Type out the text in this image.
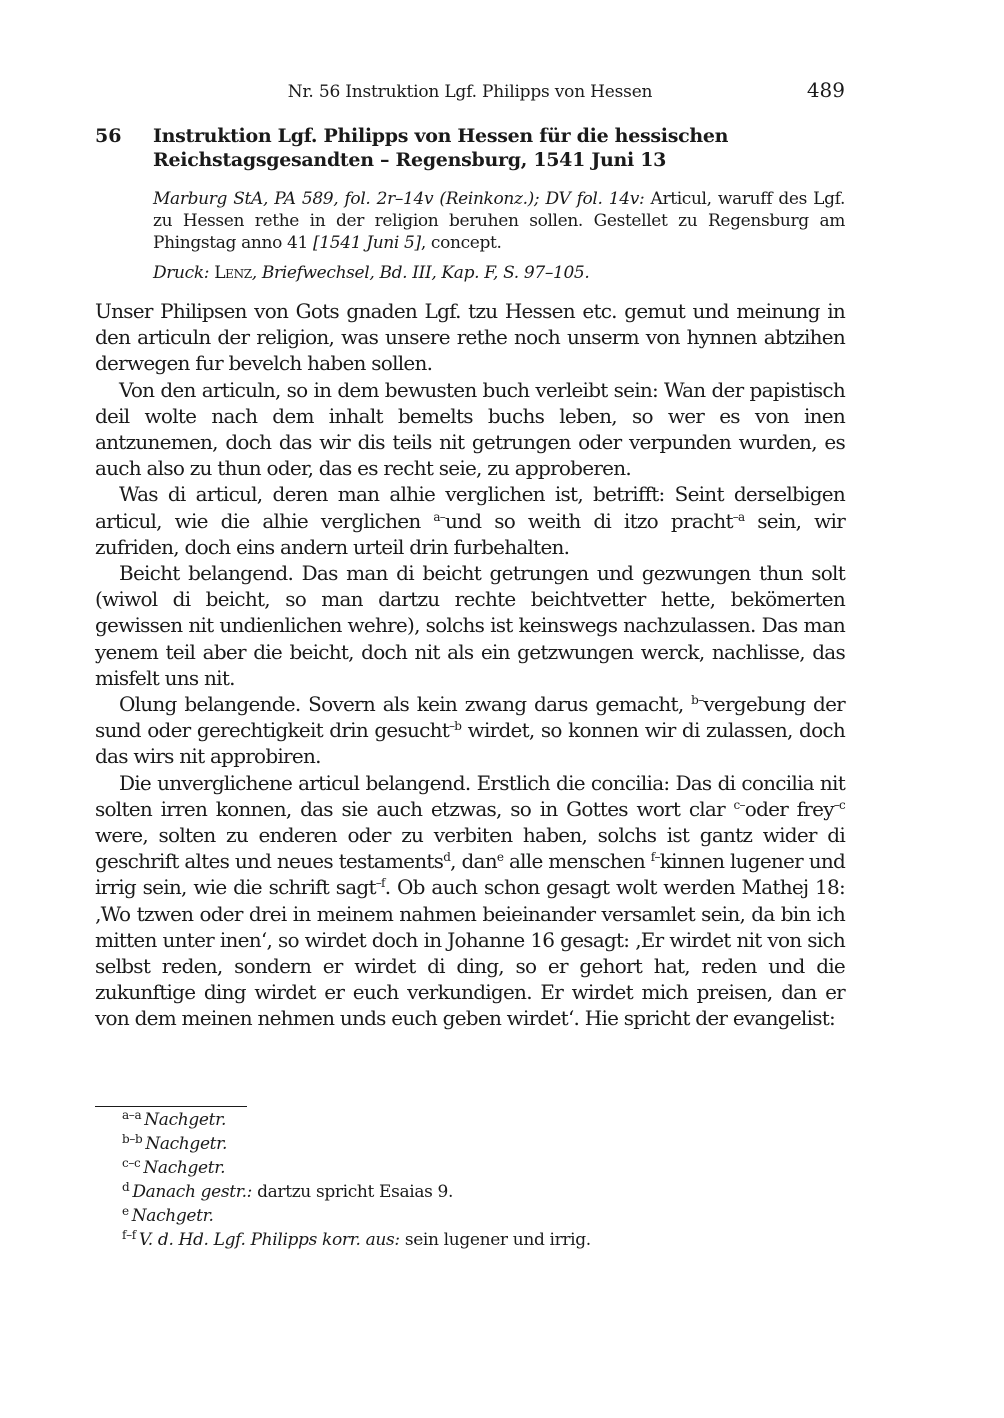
Nr. 56 Instruktion Lgf. Philipps von Hessen	489
56	Instruktion Lgf. Philipps von Hessen für die hessischen Reichstagsgesandten – Regensburg, 1541 Juni 13
Marburg StA, PA 589, fol. 2r–14v (Reinkonz.); DV fol. 14v: Articul, waruff des Lgf. zu Hessen rethe in der religion beruhen sollen. Gestellet zu Regensburg am Phingstag anno 41 [1541 Juni 5], concept.
Druck: Lenz, Briefwechsel, Bd. III, Kap. F, S. 97–105.

Unser Philipsen von Gots gnaden Lgf. tzu Hessen etc. gemut und meinung in den articuln der religion, was unsere rethe noch unserm von hynnen abtzihen derwegen fur bevelch haben sollen.

Von den articuln, so in dem bewusten buch verleibt sein: Wan der papistisch deil wolte nach dem inhalt bemelts buchs leben, so wer es von inen antzunemen, doch das wir dis teils nit getrungen oder verpunden wurden, es auch also zu thun oder, das es recht seie, zu approberen.

Was di articul, deren man alhie verglichen ist, betrifft: Seint derselbigen articul, wie die alhie verglichen $^{a-}$und so weith di itzo pracht$^{-a}$ sein, wir zufriden, doch eins andern urteil drin furbehalten.

Beicht belangend. Das man di beicht getrungen und gezwungen thun solt (wiwol di beicht, so man dartzu rechte beichtvetter hette, bekömerten gewissen nit undienlichen wehre), solchs ist keinswegs nachzulassen. Das man yenem teil aber die beicht, doch nit als ein getzwungen werck, nachlisse, das misfelt uns nit.

Olung belangende. Sovern als kein zwang darus gemacht, $^{b-}$vergebung der sund oder gerechtigkeit drin gesucht$^{-b}$ wirdet, so konnen wir di zulassen, doch das wirs nit approbiren.

Die unverglichene articul belangend. Erstlich die concilia: Das di concilia nit solten irren konnen, das sie auch etzwas, so in Gottes wort clar $^{c-}$oder frey$^{-c}$ were, solten zu enderen oder zu verbiten haben, solchs ist gantz wider di geschrift altes und neues testaments$^d$, dan$^e$ alle menschen $^{f-}$kinnen lugener und irrig sein, wie die schrift sagt$^{-f}$. Ob auch schon gesagt wolt werden Mathej 18: ‚Wo tzwen oder drei in meinem nahmen beieinander versamlet sein, da bin ich mitten unter inen‘, so wirdet doch in Johanne 16 gesagt: ‚Er wirdet nit von sich selbst reden, sondern er wirdet di ding, so er gehort hat, reden und die zukunftige ding wirdet er euch verkundigen. Er wirdet mich preisen, dan er von dem meinen nehmen unds euch geben wirdet‘. Hie spricht der evangelist:

$^{a-a}$ Nachgetr.
$^{b-b}$ Nachgetr.
$^{c-c}$ Nachgetr.
$^d$ Danach gestr.: dartzu spricht Esaias 9.
$^e$ Nachgetr.
$^{f-f}$ V. d. Hd. Lgf. Philipps korr. aus: sein lugener und irrig.
